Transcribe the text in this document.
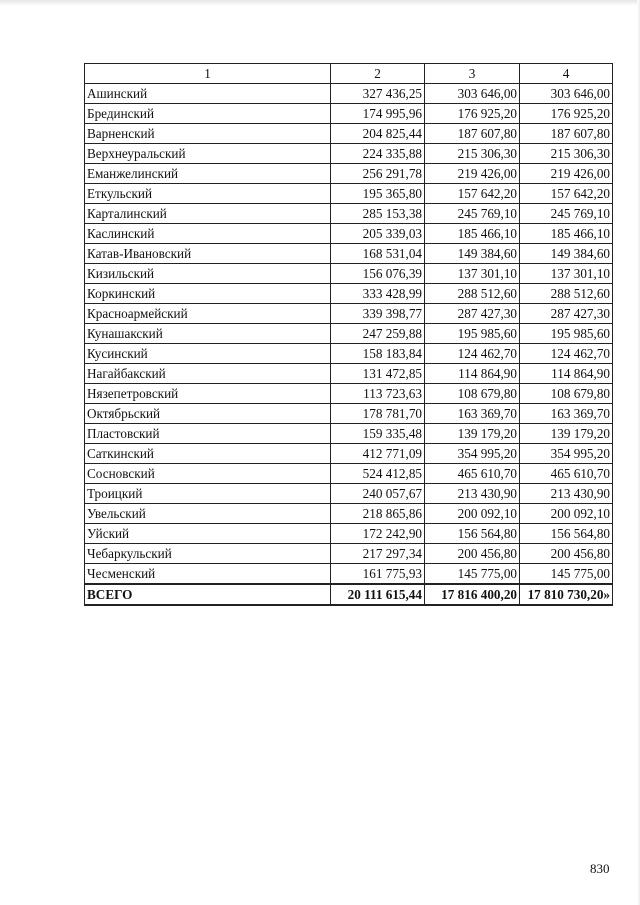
1	2	3	4
Ашинский	327 436,25	303 646,00	303 646,00
Брединский	174 995,96	176 925,20	176 925,20
Варненский	204 825,44	187 607,80	187 607,80
Верхнеуральский	224 335,88	215 306,30	215 306,30
Еманжелинский	256 291,78	219 426,00	219 426,00
Еткульский	195 365,80	157 642,20	157 642,20
Карталинский	285 153,38	245 769,10	245 769,10
Каслинский	205 339,03	185 466,10	185 466,10
Катав-Ивановский	168 531,04	149 384,60	149 384,60
Кизильский	156 076,39	137 301,10	137 301,10
Коркинский	333 428,99	288 512,60	288 512,60
Красноармейский	339 398,77	287 427,30	287 427,30
Кунашакский	247 259,88	195 985,60	195 985,60
Кусинский	158 183,84	124 462,70	124 462,70
Нагайбакский	131 472,85	114 864,90	114 864,90
Нязепетровский	113 723,63	108 679,80	108 679,80
Октябрьский	178 781,70	163 369,70	163 369,70
Пластовский	159 335,48	139 179,20	139 179,20
Саткинский	412 771,09	354 995,20	354 995,20
Сосновский	524 412,85	465 610,70	465 610,70
Троицкий	240 057,67	213 430,90	213 430,90
Увельский	218 865,86	200 092,10	200 092,10
Уйский	172 242,90	156 564,80	156 564,80
Чебаркульский	217 297,34	200 456,80	200 456,80
Чесменский	161 775,93	145 775,00	145 775,00
ВСЕГО	20 111 615,44	17 816 400,20	17 810 730,20»
830
